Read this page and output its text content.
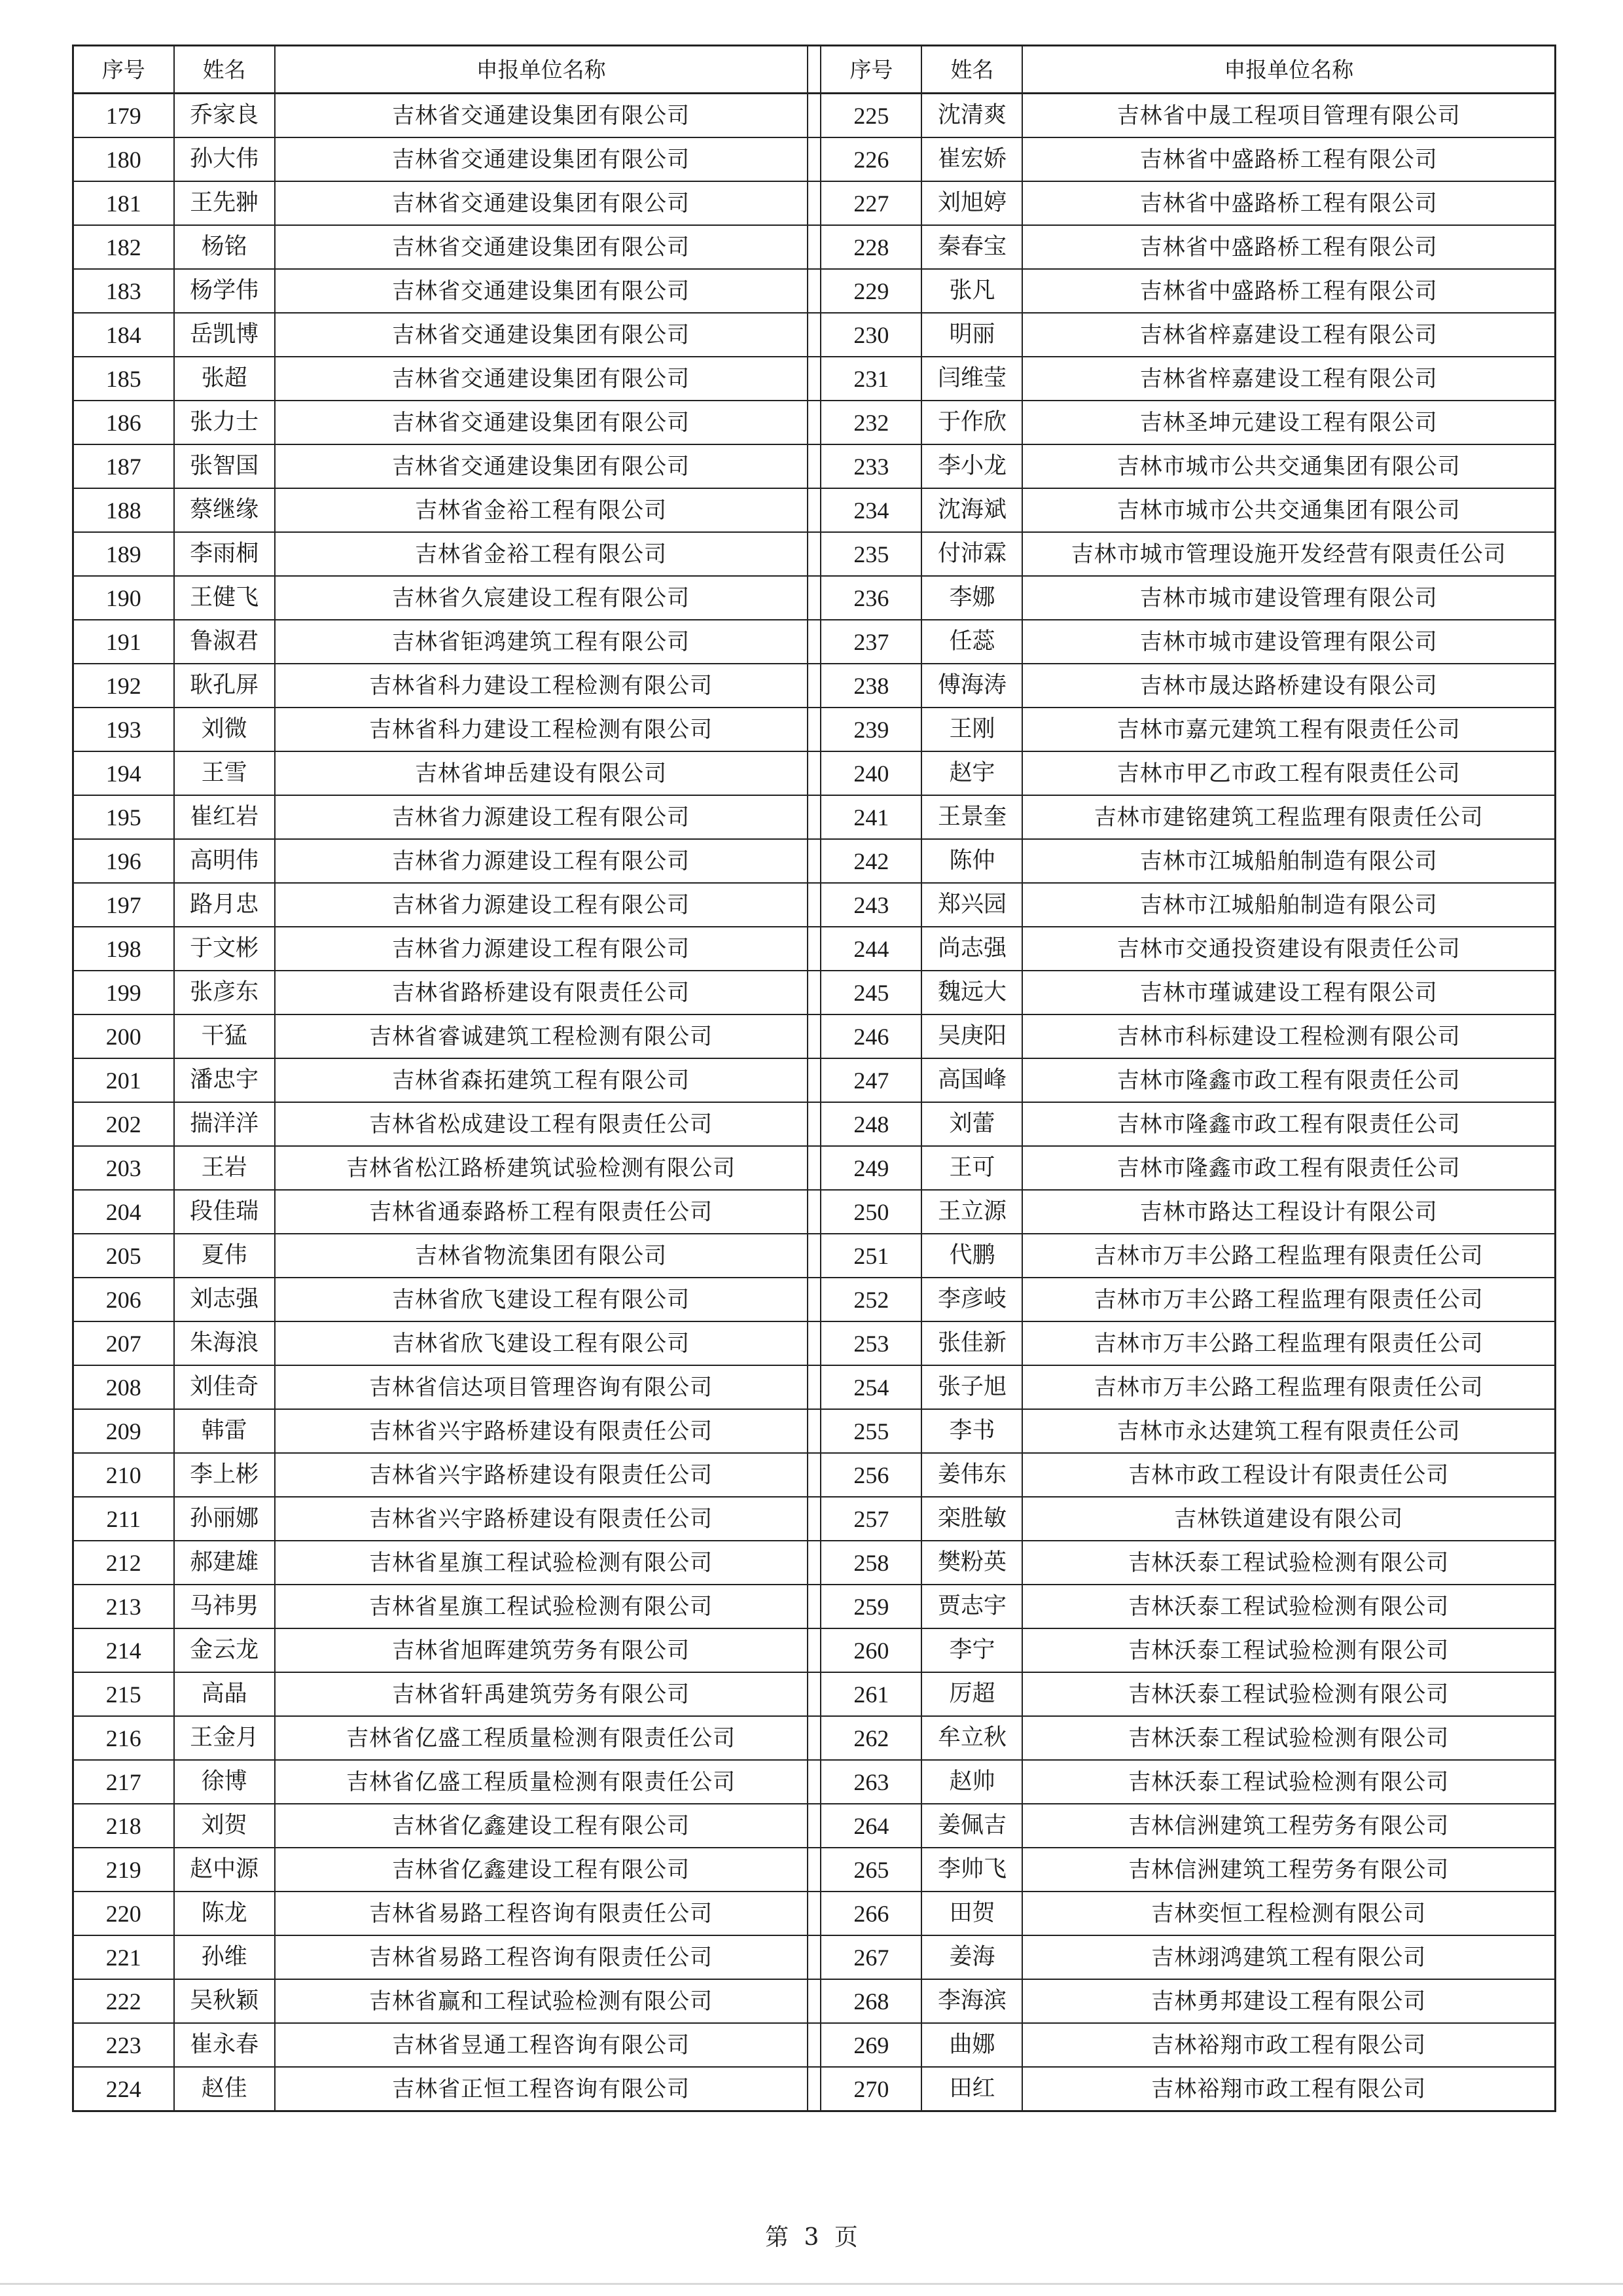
序号	姓名	申报单位名称		序号	姓名	申报单位名称
179	乔家良	吉林省交通建设集团有限公司		225	沈清爽	吉林省中晟工程项目管理有限公司
180	孙大伟	吉林省交通建设集团有限公司		226	崔宏娇	吉林省中盛路桥工程有限公司
181	王先翀	吉林省交通建设集团有限公司		227	刘旭婷	吉林省中盛路桥工程有限公司
182	杨铭	吉林省交通建设集团有限公司		228	秦春宝	吉林省中盛路桥工程有限公司
183	杨学伟	吉林省交通建设集团有限公司		229	张凡	吉林省中盛路桥工程有限公司
184	岳凯博	吉林省交通建设集团有限公司		230	明丽	吉林省梓嘉建设工程有限公司
185	张超	吉林省交通建设集团有限公司		231	闫维莹	吉林省梓嘉建设工程有限公司
186	张力士	吉林省交通建设集团有限公司		232	于作欣	吉林圣坤元建设工程有限公司
187	张智国	吉林省交通建设集团有限公司		233	李小龙	吉林市城市公共交通集团有限公司
188	蔡继缘	吉林省金裕工程有限公司		234	沈海斌	吉林市城市公共交通集团有限公司
189	李雨桐	吉林省金裕工程有限公司		235	付沛霖	吉林市城市管理设施开发经营有限责任公司
190	王健飞	吉林省久宸建设工程有限公司		236	李娜	吉林市城市建设管理有限公司
191	鲁淑君	吉林省钜鸿建筑工程有限公司		237	任蕊	吉林市城市建设管理有限公司
192	耿孔屏	吉林省科力建设工程检测有限公司		238	傅海涛	吉林市晟达路桥建设有限公司
193	刘微	吉林省科力建设工程检测有限公司		239	王刚	吉林市嘉元建筑工程有限责任公司
194	王雪	吉林省坤岳建设有限公司		240	赵宇	吉林市甲乙市政工程有限责任公司
195	崔红岩	吉林省力源建设工程有限公司		241	王景奎	吉林市建铭建筑工程监理有限责任公司
196	高明伟	吉林省力源建设工程有限公司		242	陈仲	吉林市江城船舶制造有限公司
197	路月忠	吉林省力源建设工程有限公司		243	郑兴园	吉林市江城船舶制造有限公司
198	于文彬	吉林省力源建设工程有限公司		244	尚志强	吉林市交通投资建设有限责任公司
199	张彦东	吉林省路桥建设有限责任公司		245	魏远大	吉林市瑾诚建设工程有限公司
200	干猛	吉林省睿诚建筑工程检测有限公司		246	吴庚阳	吉林市科标建设工程检测有限公司
201	潘忠宇	吉林省森拓建筑工程有限公司		247	高国峰	吉林市隆鑫市政工程有限责任公司
202	揣洋洋	吉林省松成建设工程有限责任公司		248	刘蕾	吉林市隆鑫市政工程有限责任公司
203	王岩	吉林省松江路桥建筑试验检测有限公司		249	王可	吉林市隆鑫市政工程有限责任公司
204	段佳瑞	吉林省通泰路桥工程有限责任公司		250	王立源	吉林市路达工程设计有限公司
205	夏伟	吉林省物流集团有限公司		251	代鹏	吉林市万丰公路工程监理有限责任公司
206	刘志强	吉林省欣飞建设工程有限公司		252	李彦岐	吉林市万丰公路工程监理有限责任公司
207	朱海浪	吉林省欣飞建设工程有限公司		253	张佳新	吉林市万丰公路工程监理有限责任公司
208	刘佳奇	吉林省信达项目管理咨询有限公司		254	张子旭	吉林市万丰公路工程监理有限责任公司
209	韩雷	吉林省兴宇路桥建设有限责任公司		255	李书	吉林市永达建筑工程有限责任公司
210	李上彬	吉林省兴宇路桥建设有限责任公司		256	姜伟东	吉林市政工程设计有限责任公司
211	孙丽娜	吉林省兴宇路桥建设有限责任公司		257	栾胜敏	吉林铁道建设有限公司
212	郝建雄	吉林省星旗工程试验检测有限公司		258	樊粉英	吉林沃泰工程试验检测有限公司
213	马祎男	吉林省星旗工程试验检测有限公司		259	贾志宇	吉林沃泰工程试验检测有限公司
214	金云龙	吉林省旭晖建筑劳务有限公司		260	李宁	吉林沃泰工程试验检测有限公司
215	高晶	吉林省轩禹建筑劳务有限公司		261	厉超	吉林沃泰工程试验检测有限公司
216	王金月	吉林省亿盛工程质量检测有限责任公司		262	牟立秋	吉林沃泰工程试验检测有限公司
217	徐博	吉林省亿盛工程质量检测有限责任公司		263	赵帅	吉林沃泰工程试验检测有限公司
218	刘贺	吉林省亿鑫建设工程有限公司		264	姜佩吉	吉林信洲建筑工程劳务有限公司
219	赵中源	吉林省亿鑫建设工程有限公司		265	李帅飞	吉林信洲建筑工程劳务有限公司
220	陈龙	吉林省易路工程咨询有限责任公司		266	田贺	吉林奕恒工程检测有限公司
221	孙维	吉林省易路工程咨询有限责任公司		267	姜海	吉林翊鸿建筑工程有限公司
222	吴秋颖	吉林省赢和工程试验检测有限公司		268	李海滨	吉林勇邦建设工程有限公司
223	崔永春	吉林省昱通工程咨询有限公司		269	曲娜	吉林裕翔市政工程有限公司
224	赵佳	吉林省正恒工程咨询有限公司		270	田红	吉林裕翔市政工程有限公司
第 3 页
